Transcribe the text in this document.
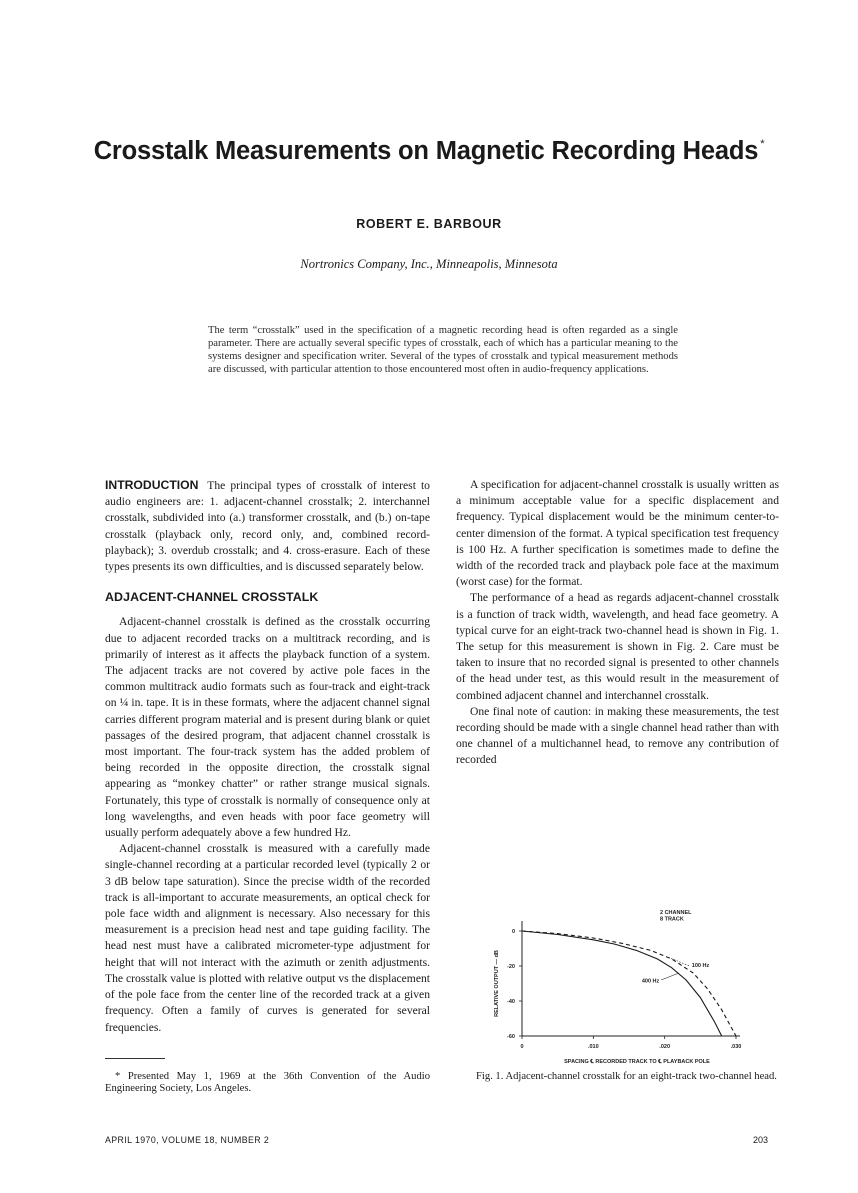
Crosstalk Measurements on Magnetic Recording Heads *
ROBERT E. BARBOUR
Nortronics Company, Inc., Minneapolis, Minnesota
The term “crosstalk” used in the specification of a magnetic recording head is often regarded as a single parameter. There are actually several specific types of crosstalk, each of which has a particular meaning to the systems designer and specification writer. Several of the types of crosstalk and typical measurement methods are discussed, with particular attention to those encountered most often in audio-frequency applications.

INTRODUCTION The principal types of crosstalk of interest to audio engineers are: 1. adjacent-channel crosstalk; 2. interchannel crosstalk, subdivided into (a.) transformer crosstalk, and (b.) on-tape crosstalk (playback only, record only, and, combined record-playback); 3. overdub crosstalk; and 4. cross-erasure. Each of these types presents its own difficulties, and is discussed separately below.

ADJACENT-CHANNEL CROSSTALK

Adjacent-channel crosstalk is defined as the crosstalk occurring due to adjacent recorded tracks on a multitrack recording, and is primarily of interest as it affects the playback function of a system. The adjacent tracks are not covered by active pole faces in the common multitrack audio formats such as four-track and eight-track on ¼ in. tape. It is in these formats, where the adjacent channel signal carries different program material and is present during blank or quiet passages of the desired program, that adjacent channel crosstalk is most important. The four-track system has the added problem of being recorded in the opposite direction, the crosstalk signal appearing as “monkey chatter” or rather strange musical signals. Fortunately, this type of crosstalk is normally of consequence only at long wavelengths, and even heads with poor face geometry will usually perform adequately above a few hundred Hz.

Adjacent-channel crosstalk is measured with a carefully made single-channel recording at a particular recorded level (typically 2 or 3 dB below tape saturation). Since the precise width of the recorded track is all-important to accurate measurements, an optical check for pole face width and alignment is necessary. Also necessary for this measurement is a precision head nest and tape guiding facility. The head nest must have a calibrated micrometer-type adjustment for height that will not interact with the azimuth or zenith adjustments. The crosstalk value is plotted with relative output vs the displacement of the pole face from the center line of the recorded track at a given frequency. Often a family of curves is generated for several frequencies.

A specification for adjacent-channel crosstalk is usually written as a minimum acceptable value for a specific displacement and frequency. Typical displacement would be the minimum center-to-center dimension of the format. A typical specification test frequency is 100 Hz. A further specification is sometimes made to define the width of the recorded track and playback pole face at the maximum (worst case) for the format.

The performance of a head as regards adjacent-channel crosstalk is a function of track width, wavelength, and head face geometry. A typical curve for an eight-track two-channel head is shown in Fig. 1. The setup for this measurement is shown in Fig. 2. Care must be taken to insure that no recorded signal is presented to other channels of the head under test, as this would result in the measurement of combined adjacent channel and interchannel crosstalk.

One final note of caution: in making these measurements, the test recording should be made with a single channel head rather than with one channel of a multichannel head, to remove any contribution of recorded

* Presented May 1, 1969 at the 36th Convention of the Audio Engineering Society, Los Angeles.
0
-20
-40
-60
0	.010	.020	.030
RELATIVE OUTPUT — dB
SPACING ℄ RECORDED TRACK TO ℄ PLAYBACK POLE
2 CHANNEL
8 TRACK
100 Hz
400 Hz
Fig. 1. Adjacent-channel crosstalk for an eight-track two-channel head.
APRIL 1970, VOLUME 18, NUMBER 2	203
